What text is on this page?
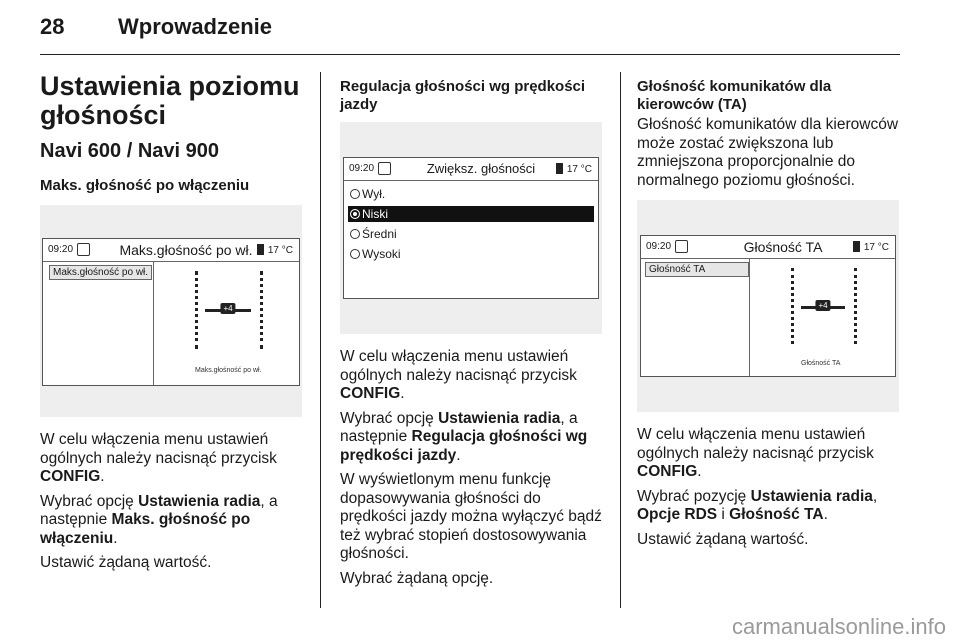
28 Wprowadzenie
Ustawienia poziomu głośności
Navi 600 / Navi 900
Maks. głośność po włączeniu
09:20	Maks.głośność po wł.	17 °C
Maks.głośność po wł.
+4
Maks.głośność po wł.

W celu włączenia menu ustawień ogólnych należy nacisnąć przycisk CONFIG.

Wybrać opcję Ustawienia radia, a następnie Maks. głośność po włączeniu.

Ustawić żądaną wartość.

Regulacja głośności wg prędkości jazdy
09:20	Zwiększ. głośności	17 °C
Wył.
Niski
Średni
Wysoki

W celu włączenia menu ustawień ogólnych należy nacisnąć przycisk CONFIG.

Wybrać opcję Ustawienia radia, a następnie Regulacja głośności wg prędkości jazdy.

W wyświetlonym menu funkcję dopasowywania głośności do prędkości jazdy można wyłączyć bądź też wybrać stopień dostosowywania głośności.

Wybrać żądaną opcję.

Głośność komunikatów dla kierowców (TA)

Głośność komunikatów dla kierowców może zostać zwiększona lub zmniejszona proporcjonalnie do normalnego poziomu głośności.

09:20	Głośność TA	17 °C
Głośność TA
+4
Głośność TA

W celu włączenia menu ustawień ogólnych należy nacisnąć przycisk CONFIG.

Wybrać pozycję Ustawienia radia, Opcje RDS i Głośność TA.

Ustawić żądaną wartość.

carmanualsonline.info
